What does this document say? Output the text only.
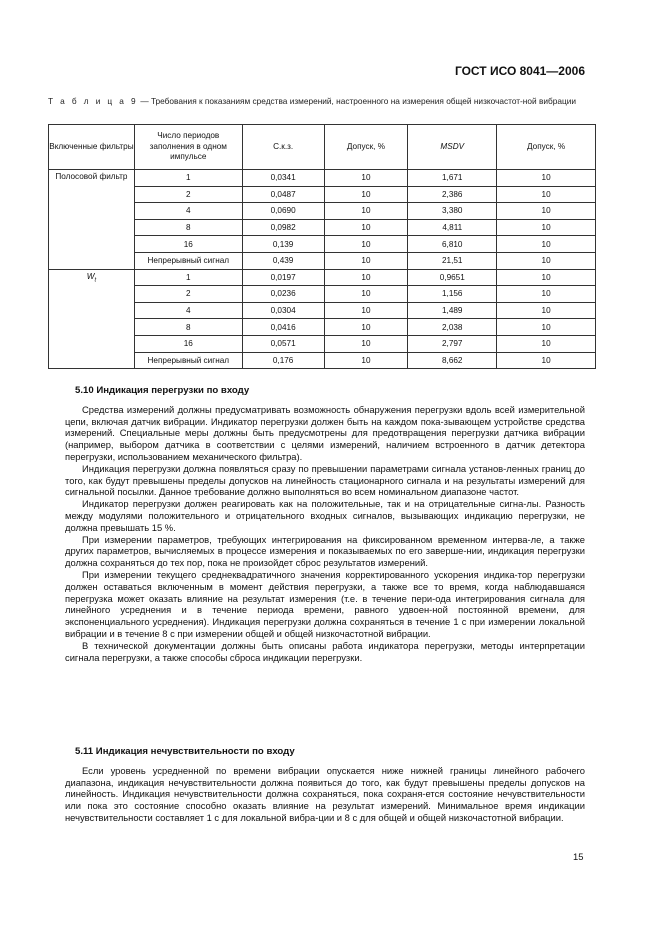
ГОСТ ИСО 8041—2006
Т а б л и ц а 9 — Требования к показаниям средства измерений, настроенного на измерения общей низкочастот-ной вибрации
Включенные фильтры	Число периодов заполнения в одном импульсе	С.к.з.	Допуск, %	MSDV	Допуск, %
Полосовой фильтр	1	0,0341	10	1,671	10
	2	0,0487	10	2,386	10
	4	0,0690	10	3,380	10
	8	0,0982	10	4,811	10
	16	0,139	10	6,810	10
	Непрерывный сигнал	0,439	10	21,51	10
$W_t$	1	0,0197	10	0,9651	10
	2	0,0236	10	1,156	10
	4	0,0304	10	1,489	10
	8	0,0416	10	2,038	10
	16	0,0571	10	2,797	10
	Непрерывный сигнал	0,176	10	8,662	10
5.10 Индикация перегрузки по входу

Средства измерений должны предусматривать возможность обнаружения перегрузки вдоль всей измерительной цепи, включая датчик вибрации. Индикатор перегрузки должен быть на каждом пока-зывающем устройстве средства измерений. Специальные меры должны быть предусмотрены для предотвращения перегрузки датчика вибрации (например, выбором датчика в соответствии с целями измерений, наличием встроенного в датчик детектора перегрузки, использованием механического фильтра).

Индикация перегрузки должна появляться сразу по превышении параметрами сигнала установ-ленных границ до того, как будут превышены пределы допусков на линейность стационарного сигнала и на результаты измерений для сигнальной посылки. Данное требование должно выполняться во всем номинальном диапазоне частот.

Индикатор перегрузки должен реагировать как на положительные, так и на отрицательные сигна-лы. Разность между модулями положительного и отрицательного входных сигналов, вызывающих индикацию перегрузки, не должна превышать 15 %.

При измерении параметров, требующих интегрирования на фиксированном временном интерва-ле, а также других параметров, вычисляемых в процессе измерения и показываемых по его заверше-нии, индикация перегрузки должна сохраняться до тех пор, пока не произойдет сброс результатов измерений.

При измерении текущего среднеквадратичного значения корректированного ускорения индика-тор перегрузки должен оставаться включенным в момент действия перегрузки, а также все то время, когда наблюдавшаяся перегрузка может оказать влияние на результат измерения (т.е. в течение пери-ода интегрирования сигнала для линейного усреднения и в течение периода времени, равного удвоен-ной постоянной времени, для экспоненциального усреднения). Индикация перегрузки должна сохраняться в течение 1 с при измерении локальной вибрации и в течение 8 с при измерении общей и общей низкочастотной вибрации.

В технической документации должны быть описаны работа индикатора перегрузки, методы интерпретации сигнала перегрузки, а также способы сброса индикации перегрузки.

5.11 Индикация нечувствительности по входу

Если уровень усредненной по времени вибрации опускается ниже нижней границы линейного рабочего диапазона, индикация нечувствительности должна появиться до того, как будут превышены пределы допусков на линейность. Индикация нечувствительности должна сохраняться, пока сохраня-ется состояние нечувствительности или пока это состояние способно оказать влияние на результат измерений. Минимальное время индикации нечувствительности составляет 1 с для локальной вибра-ции и 8 с для общей и общей низкочастотной вибрации.

15
